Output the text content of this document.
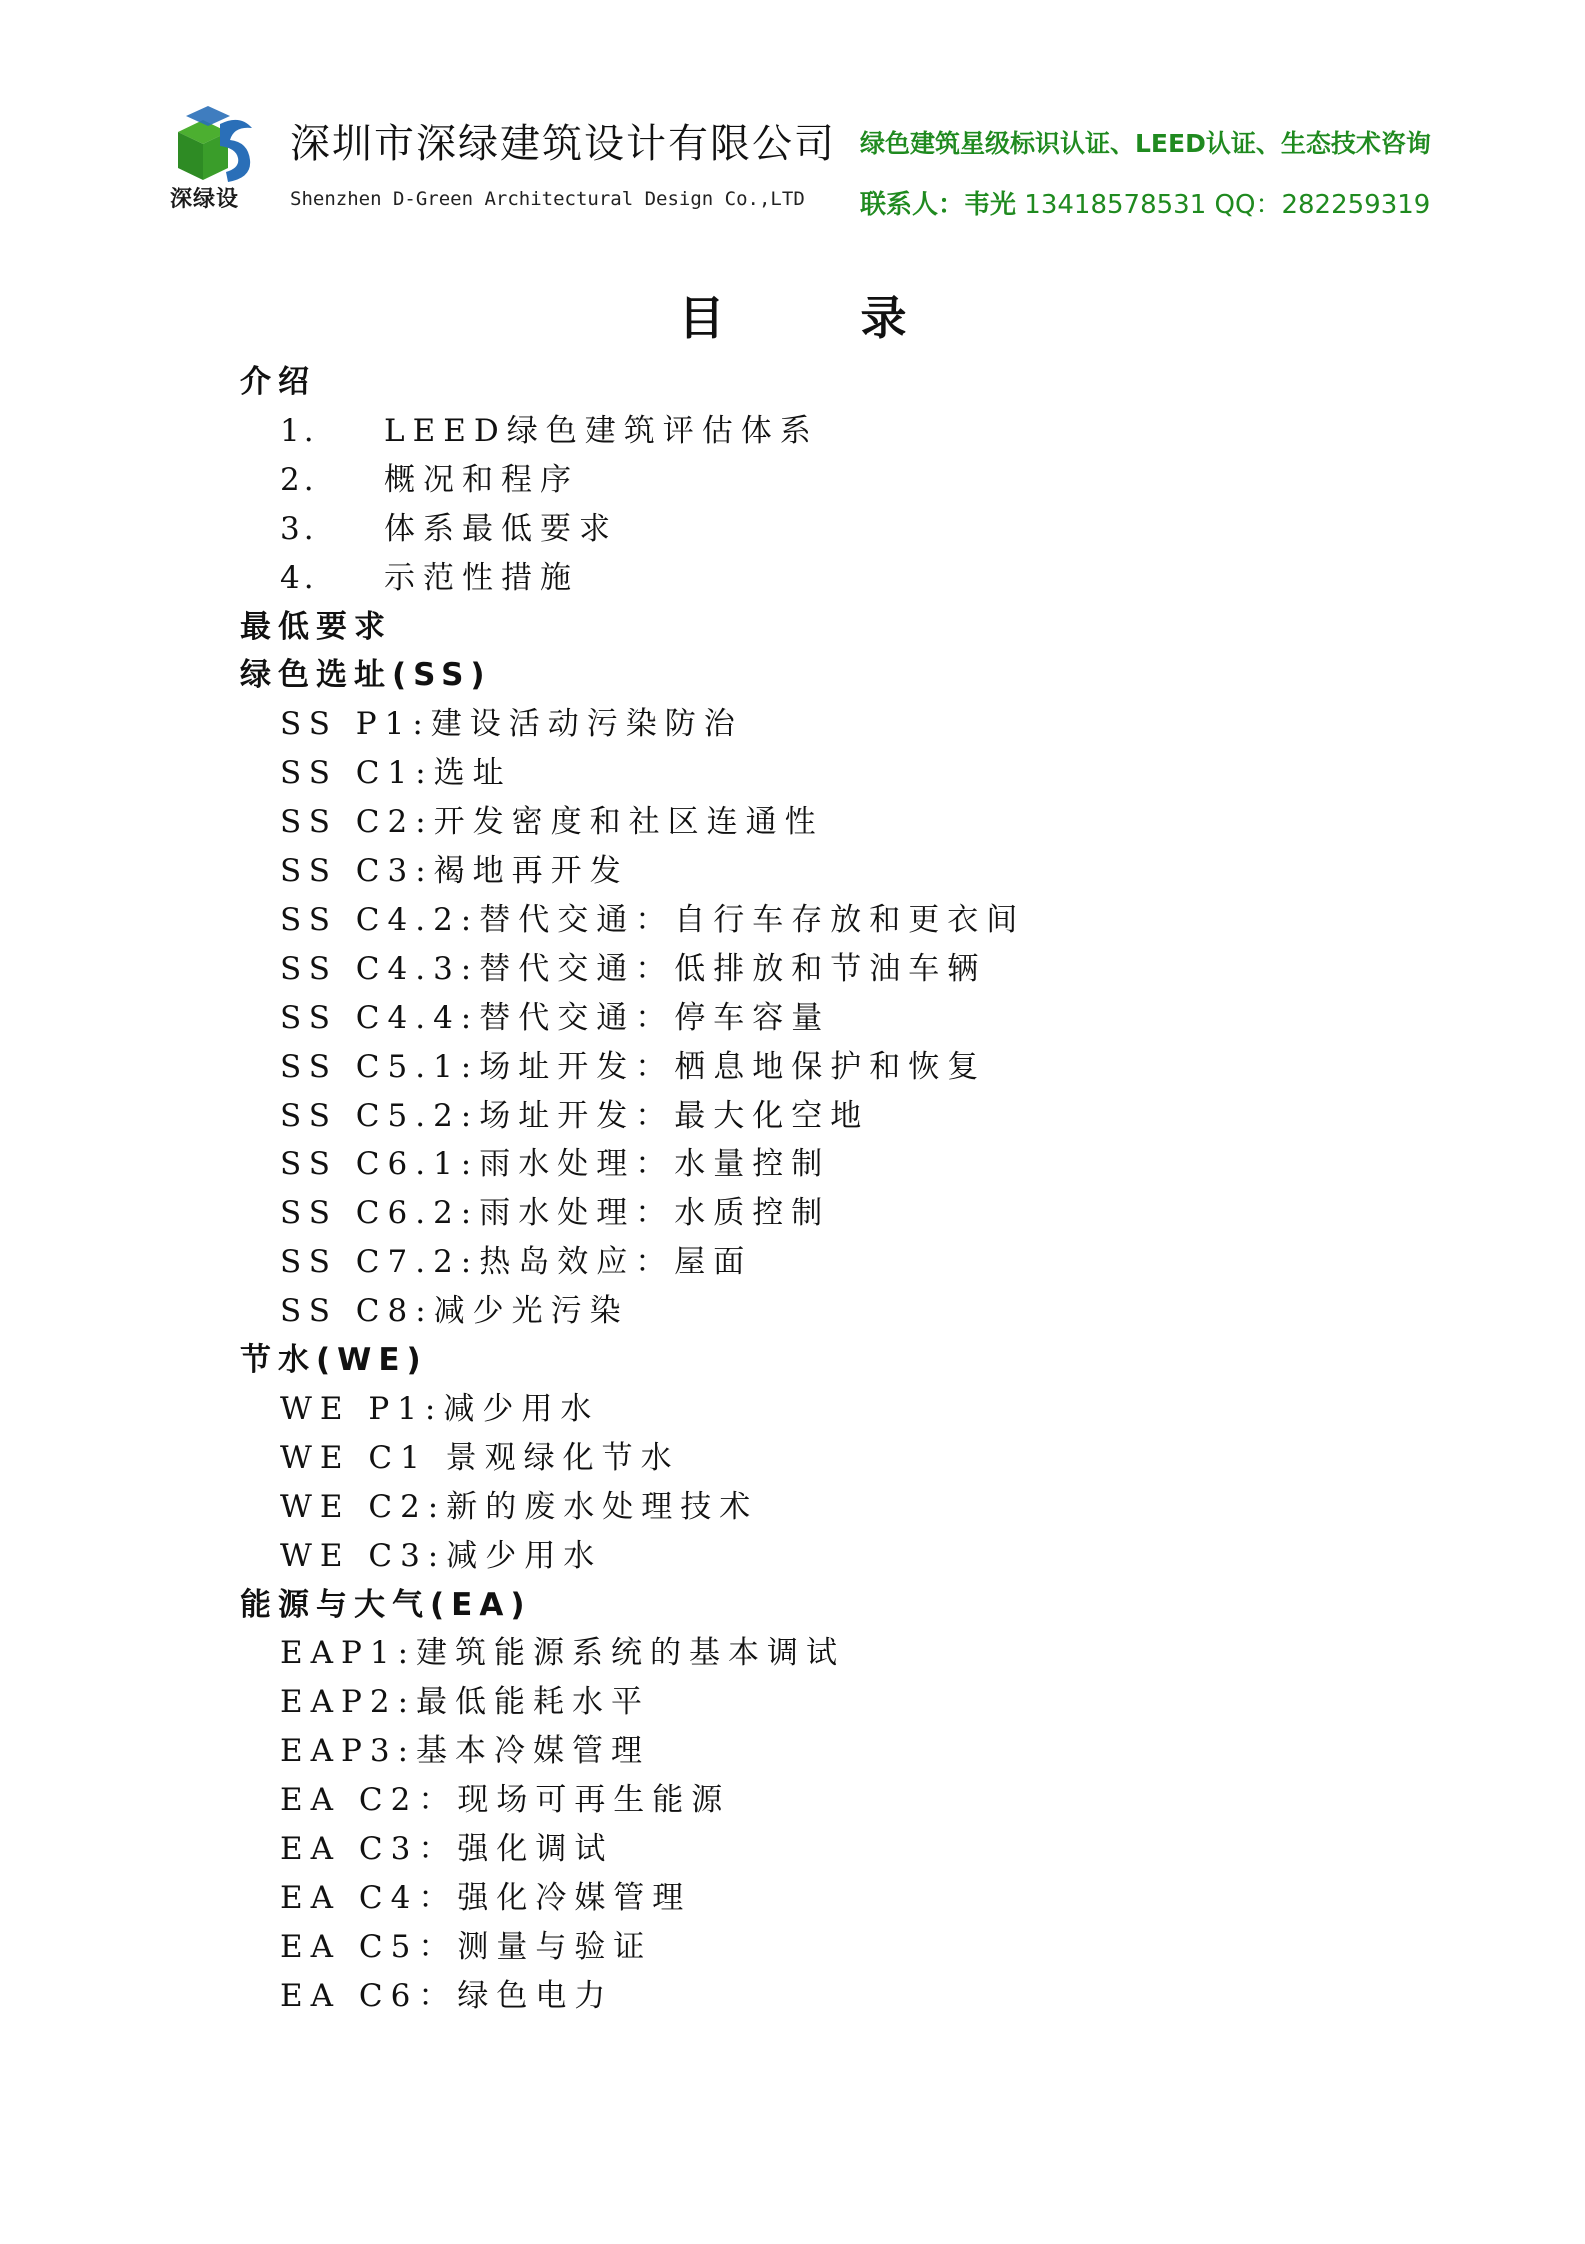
深绿设
深圳市深绿建筑设计有限公司
Shenzhen D-Green Architectural Design Co.,LTD
绿色建筑星级标识认证、LEED认证、生态技术咨询
联系人：韦光 13418578531 QQ：282259319
目 录
介绍
1. LEED绿色建筑评估体系
2. 概况和程序
3. 体系最低要求
4. 示范性措施
最低要求
绿色选址(SS)
SS P1:建设活动污染防治
SS C1:选址
SS C2:开发密度和社区连通性
SS C3:褐地再开发
SS C4.2:替代交通：自行车存放和更衣间
SS C4.3:替代交通：低排放和节油车辆
SS C4.4:替代交通：停车容量
SS C5.1:场址开发：栖息地保护和恢复
SS C5.2:场址开发：最大化空地
SS C6.1:雨水处理：水量控制
SS C6.2:雨水处理：水质控制
SS C7.2:热岛效应：屋面
SS C8:减少光污染
节水(WE)
WE P1:减少用水
WE C1 景观绿化节水
WE C2:新的废水处理技术
WE C3:减少用水
能源与大气(EA)
EAP1:建筑能源系统的基本调试
EAP2:最低能耗水平
EAP3:基本冷媒管理
EA C2：现场可再生能源
EA C3：强化调试
EA C4：强化冷媒管理
EA C5：测量与验证
EA C6：绿色电力
